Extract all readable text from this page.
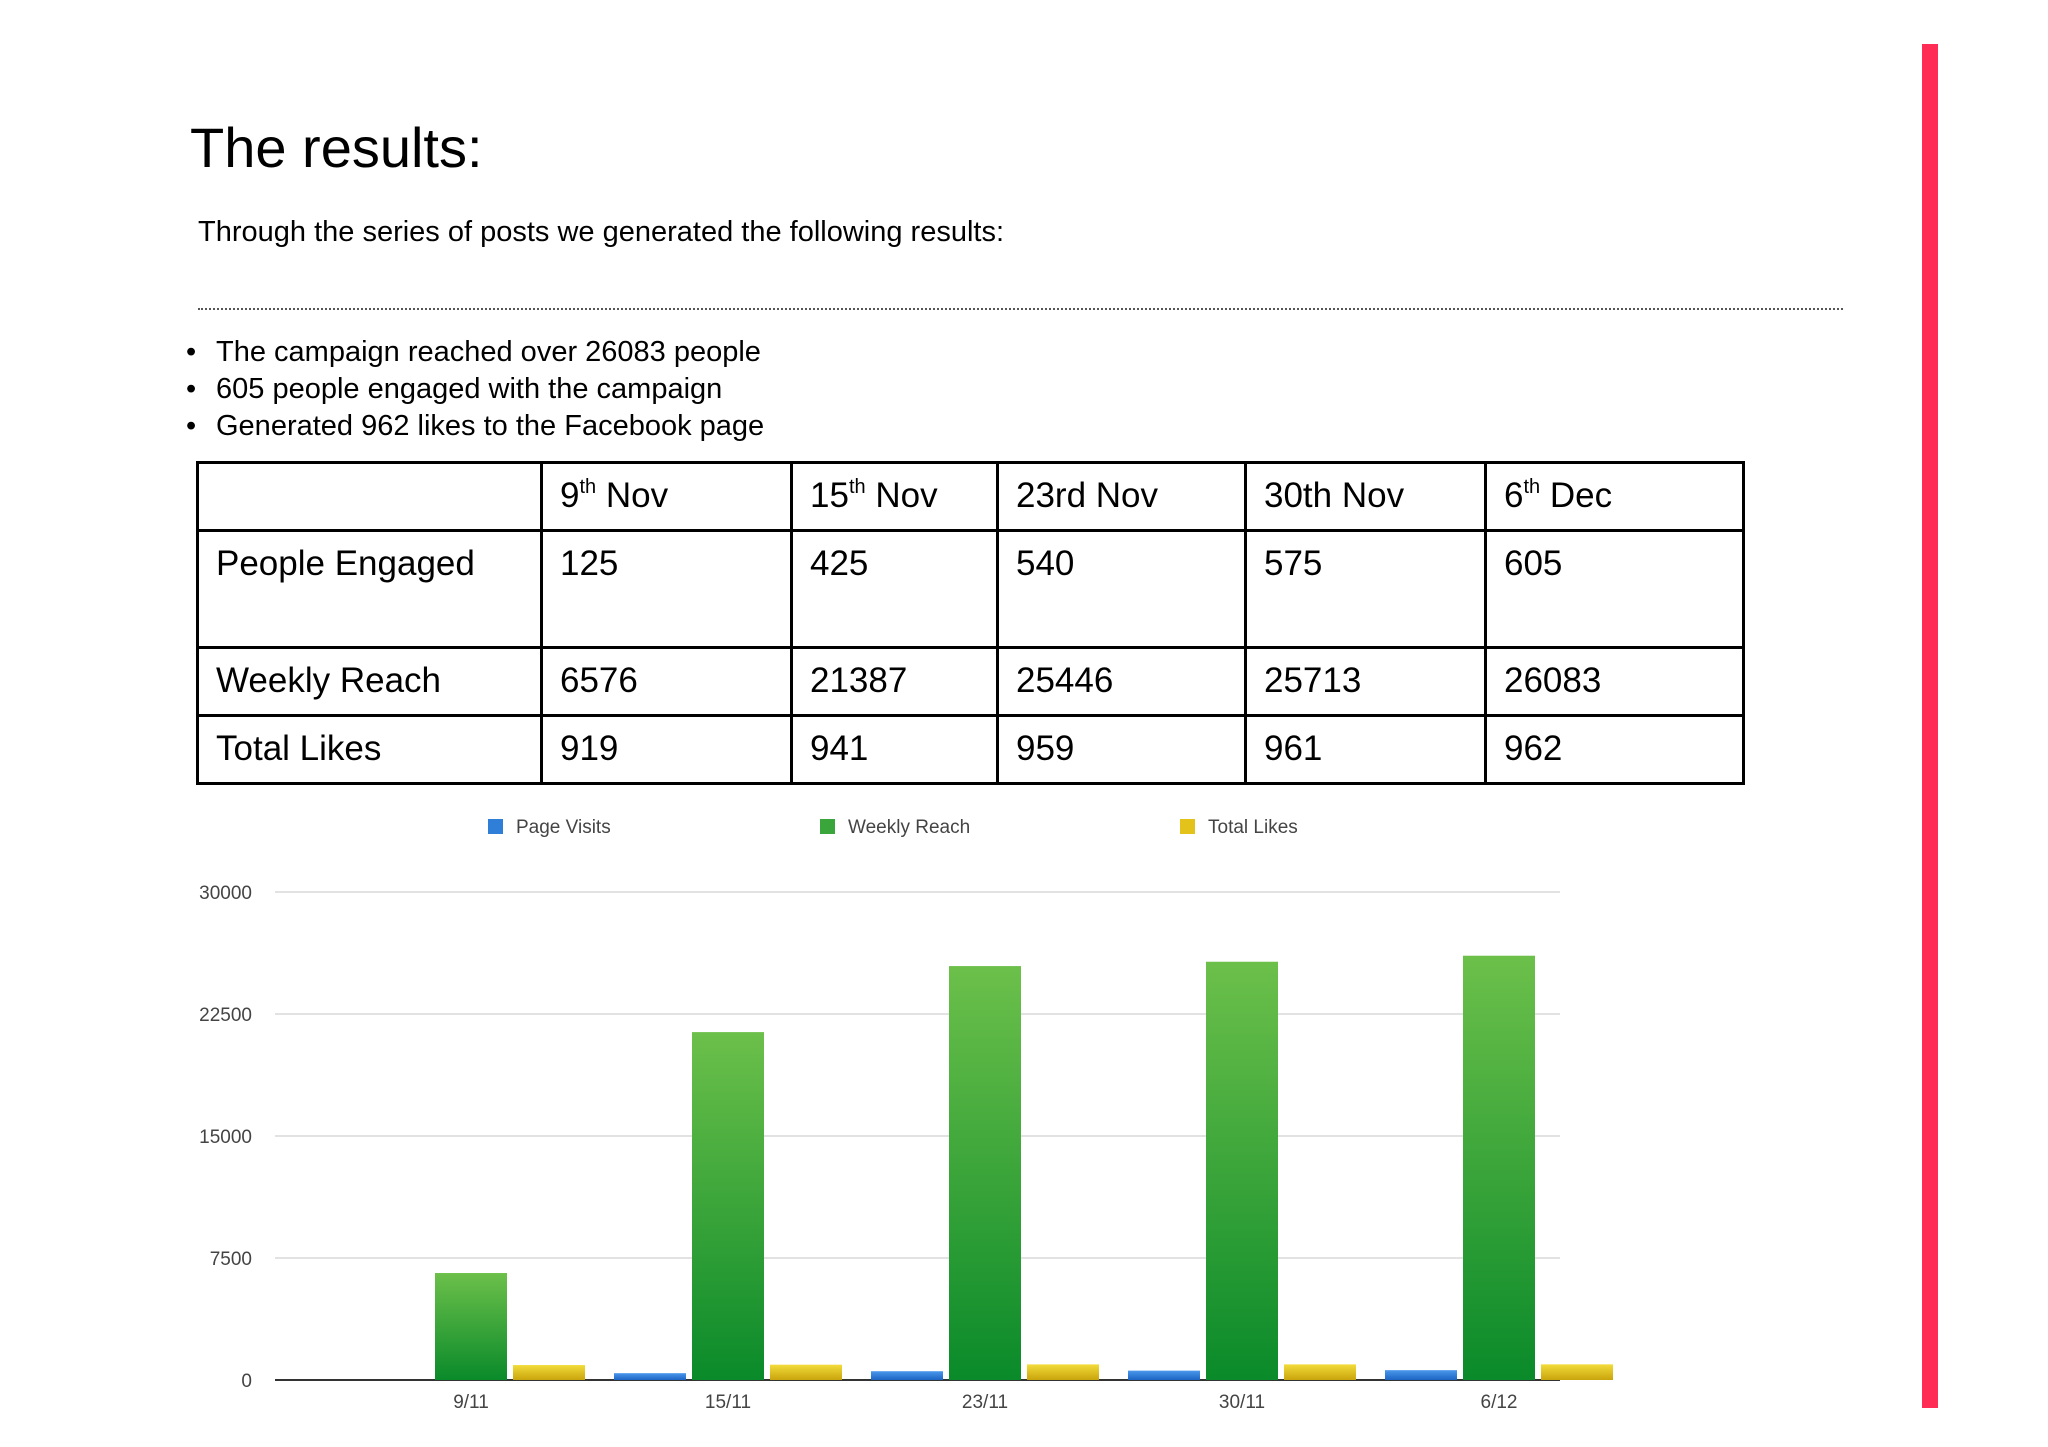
The results:
Through the series of posts we generated the following results:
• The campaign reached over 26083 people
• 605 people engaged with the campaign
• Generated 962 likes to the Facebook page
	9th Nov	15th Nov	23rd Nov	30th Nov	6th Dec
People Engaged	125	425	540	575	605
Weekly Reach	6576	21387	25446	25713	26083
Total Likes	919	941	959	961	962
Page Visits	Weekly Reach	Total Likes
30000
22500
15000
7500
0
9/11	15/11	23/11	30/11	6/12
